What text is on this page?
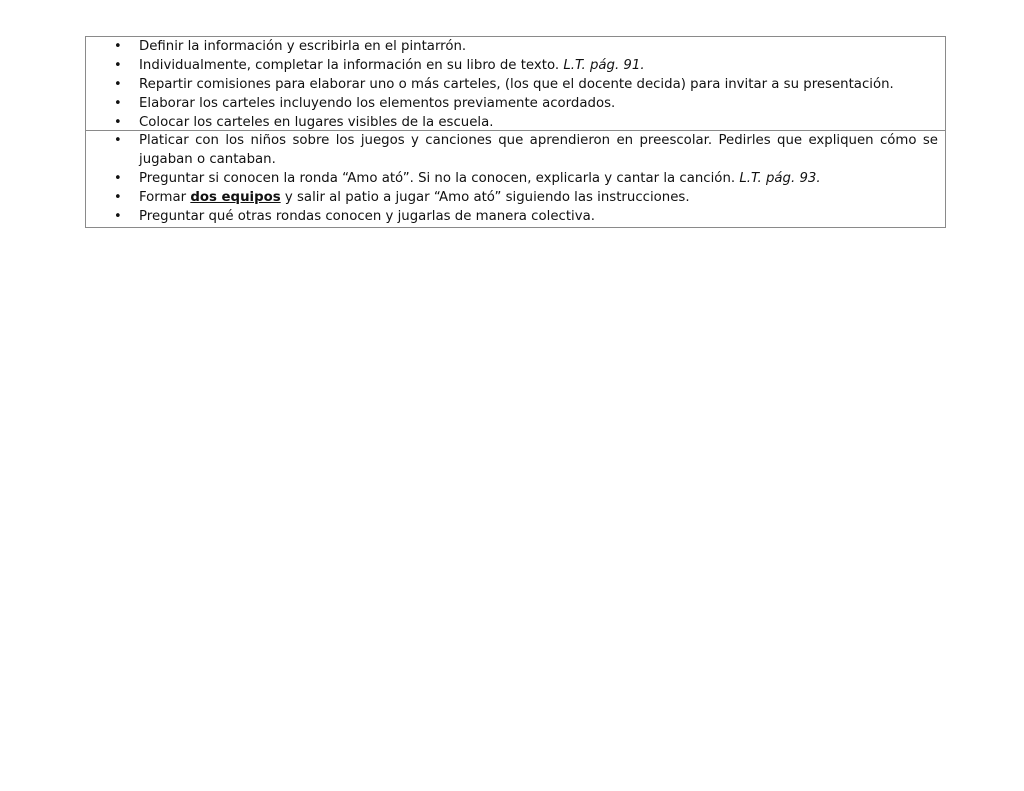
• Definir la información y escribirla en el pintarrón.
• Individualmente, completar la información en su libro de texto. L.T. pág. 91.
• Repartir comisiones para elaborar uno o más carteles, (los que el docente decida) para invitar a su presentación.
• Elaborar los carteles incluyendo los elementos previamente acordados.
• Colocar los carteles en lugares visibles de la escuela.
• Platicar con los niños sobre los juegos y canciones que aprendieron en preescolar. Pedirles que expliquen cómo se jugaban o cantaban.
• Preguntar si conocen la ronda “Amo ató”. Si no la conocen, explicarla y cantar la canción. L.T. pág. 93.
• Formar dos equipos y salir al patio a jugar “Amo ató” siguiendo las instrucciones.
• Preguntar qué otras rondas conocen y jugarlas de manera colectiva.
